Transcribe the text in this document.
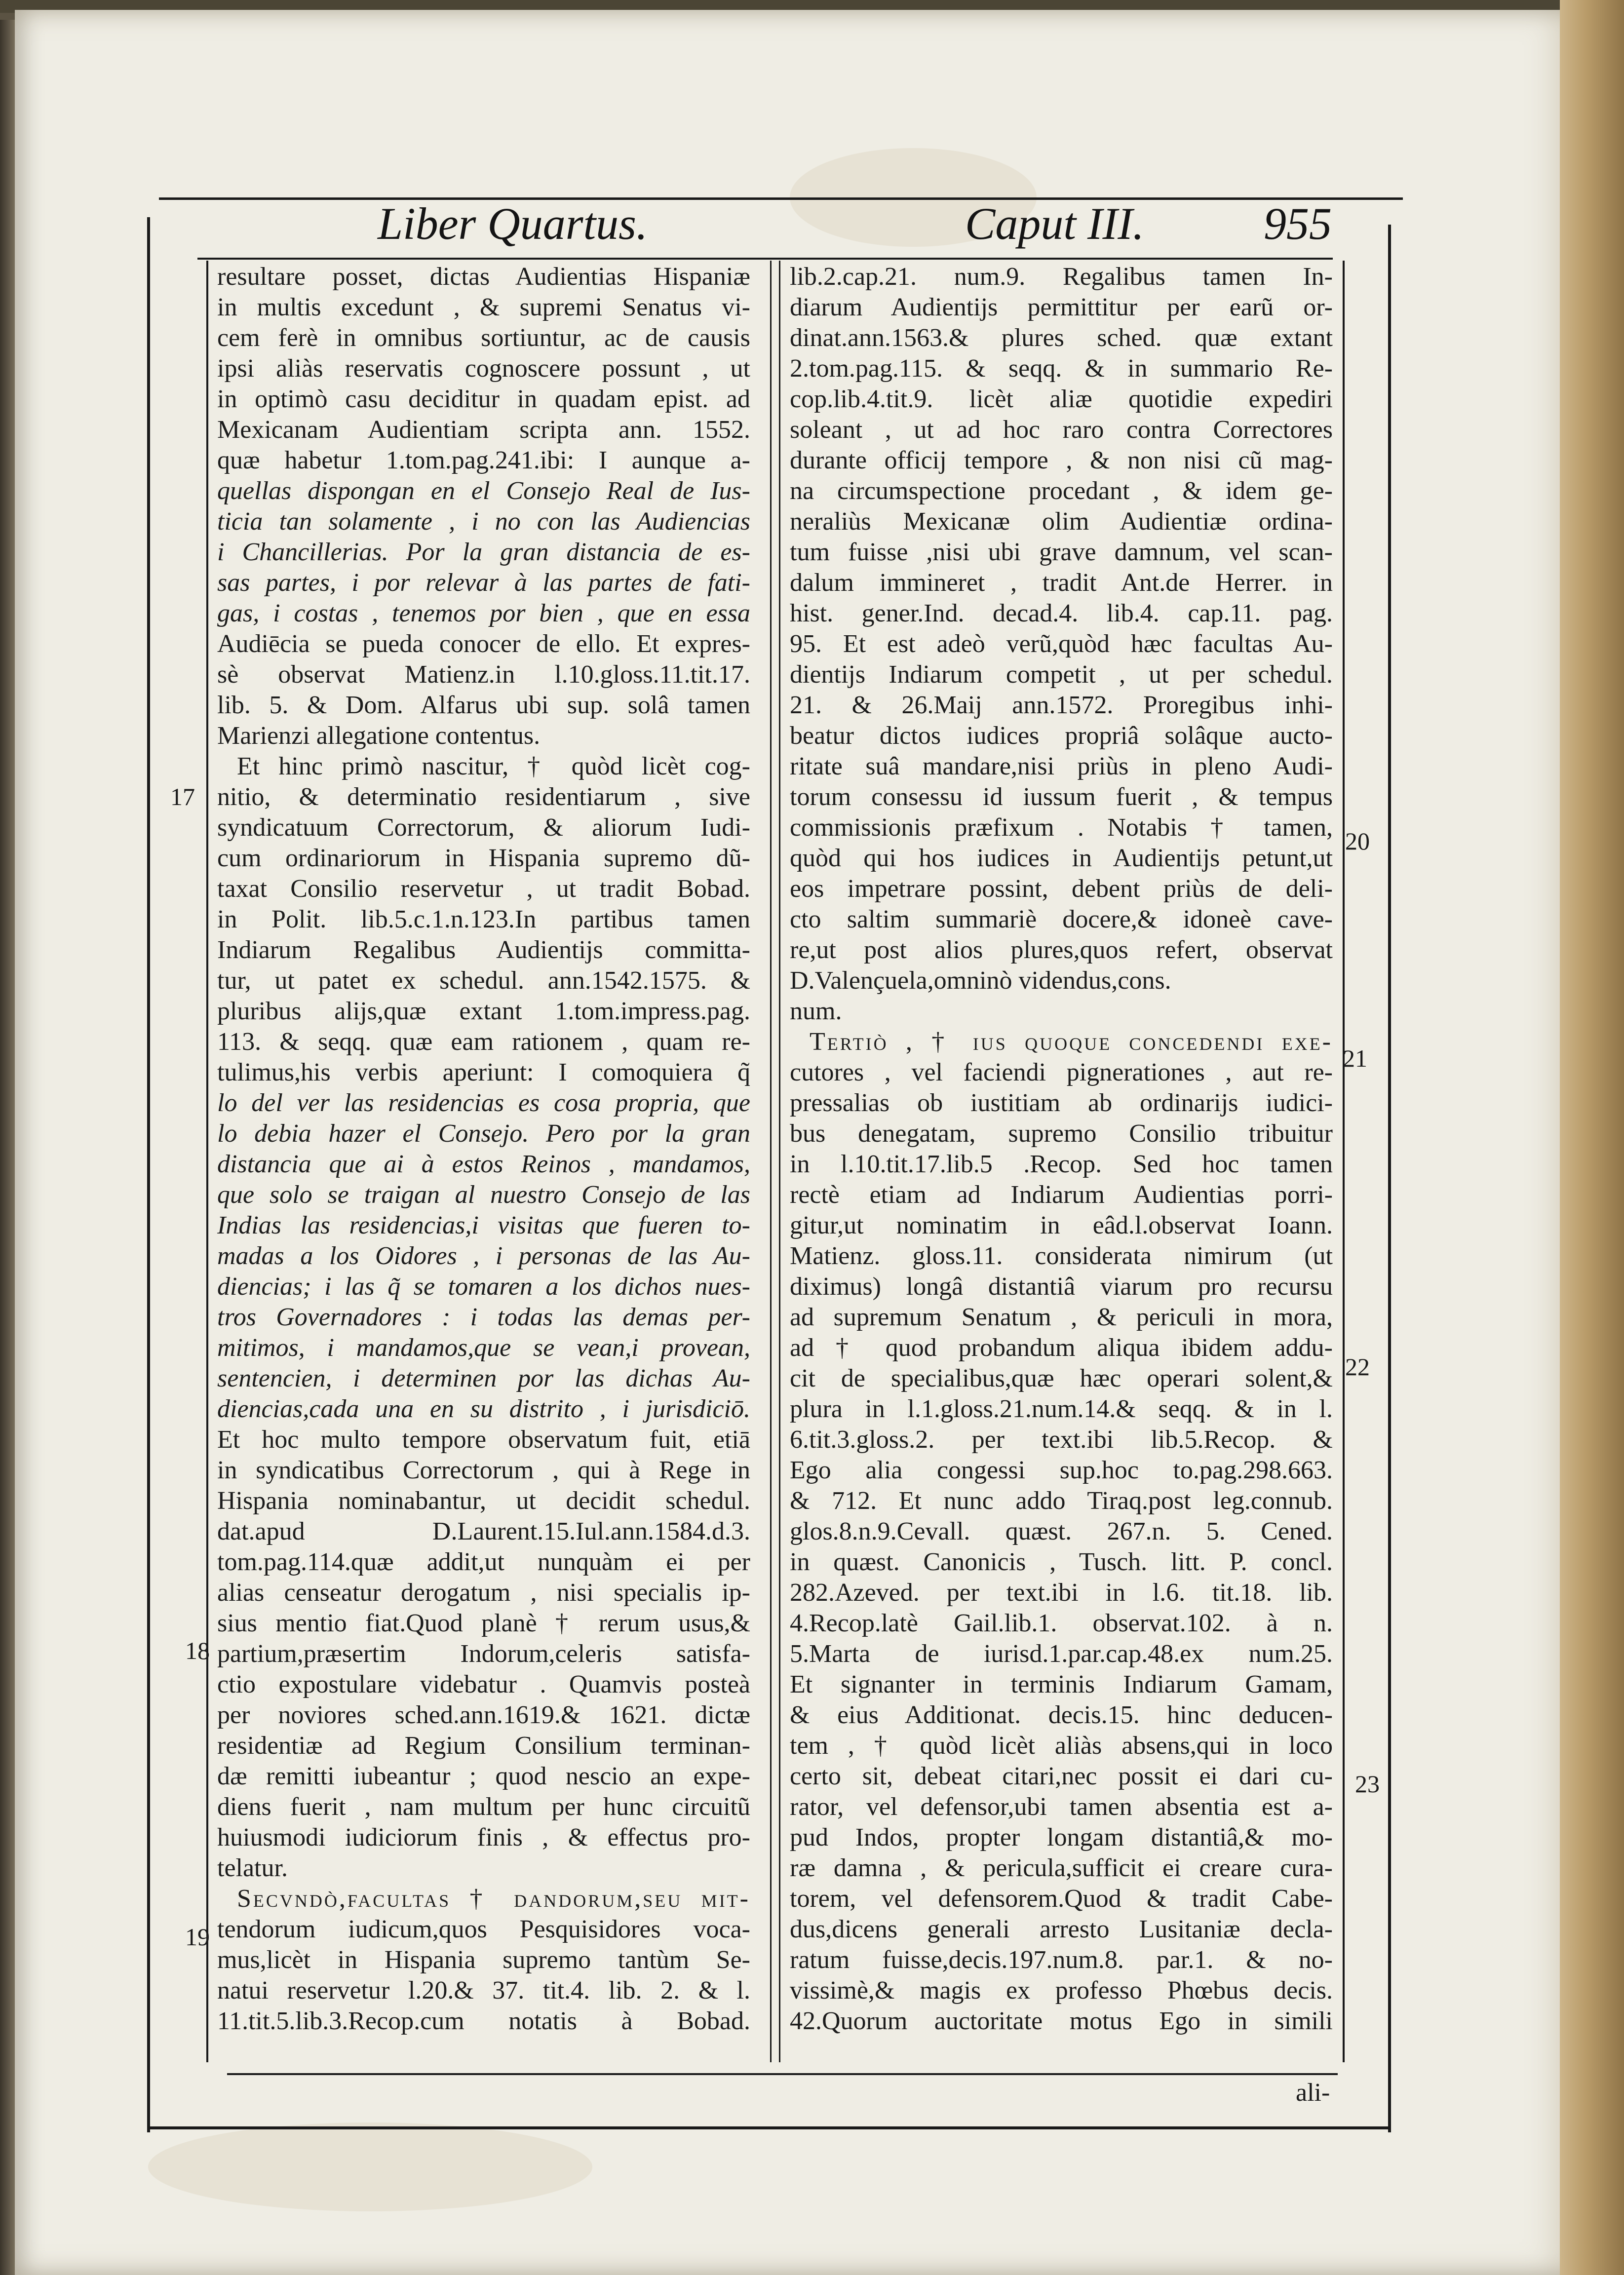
Liber Quartus.	Caput III.	955
resultare posset, dictas Audientias Hispaniæ
in multis excedunt , & supremi Senatus vi-
cem ferè in omnibus sortiuntur, ac de causis
ipsi aliàs reservatis cognoscere possunt , ut
in optimò casu deciditur in quadam epist. ad
Mexicanam Audientiam scripta ann. 1552.
quæ habetur 1.tom.pag.241.ibi: I aunque a-
quellas dispongan en el Consejo Real de Ius-
ticia tan solamente , i no con las Audiencias
i Chancillerias. Por la gran distancia de es-
sas partes, i por relevar à las partes de fati-
gas, i costas , tenemos por bien , que en essa
Audiēcia se pueda conocer de ello. Et expres-
sè observat Matienz.in l.10.gloss.11.tit.17.
lib. 5. & Dom. Alfarus ubi sup. solâ tamen
Marienzi allegatione contentus.
Et hinc primò nascitur, † quòd licèt cog-
nitio, & determinatio residentiarum , sive
syndicatuum Correctorum, & aliorum Iudi-
cum ordinariorum in Hispania supremo dũ-
taxat Consilio reservetur , ut tradit Bobad.
in Polit. lib.5.c.1.n.123.In partibus tamen
Indiarum Regalibus Audientijs committa-
tur, ut patet ex schedul. ann.1542.1575. &
pluribus alijs,quæ extant 1.tom.impress.pag.
113. & seqq. quæ eam rationem , quam re-
tulimus,his verbis aperiunt: I comoquiera q̃
lo del ver las residencias es cosa propria, que
lo debia hazer el Consejo. Pero por la gran
distancia que ai à estos Reinos , mandamos,
que solo se traigan al nuestro Consejo de las
Indias las residencias,i visitas que fueren to-
madas a los Oidores , i personas de las Au-
diencias; i las q̃ se tomaren a los dichos nues-
tros Governadores : i todas las demas per-
mitimos, i mandamos,que se vean,i provean,
sentencien, i determinen por las dichas Au-
diencias,cada una en su distrito , i jurisdiciō.
Et hoc multo tempore observatum fuit, etiā
in syndicatibus Correctorum , qui à Rege in
Hispania nominabantur, ut decidit schedul.
dat.apud D.Laurent.15.Iul.ann.1584.d.3.
tom.pag.114.quæ addit,ut nunquàm ei per
alias censeatur derogatum , nisi specialis ip-
sius mentio fiat.Quod planè † rerum usus,&
partium,præsertim Indorum,celeris satisfa-
ctio expostulare videbatur . Quamvis posteà
per noviores sched.ann.1619.& 1621. dictæ
residentiæ ad Regium Consilium terminan-
dæ remitti iubeantur ; quod nescio an expe-
diens fuerit , nam multum per hunc circuitũ
huiusmodi iudiciorum finis , & effectus pro-
telatur.
Secvndò,facultas † dandorum,seu mit-
tendorum iudicum,quos Pesquisidores voca-
mus,licèt in Hispania supremo tantùm Se-
natui reservetur l.20.& 37. tit.4. lib. 2. & l.
11.tit.5.lib.3.Recop.cum notatis à Bobad.
lib.2.cap.21. num.9. Regalibus tamen In-
diarum Audientijs permittitur per earũ or-
dinat.ann.1563.& plures sched. quæ extant
2.tom.pag.115. & seqq. & in summario Re-
cop.lib.4.tit.9. licèt aliæ quotidie expediri
soleant , ut ad hoc raro contra Correctores
durante officij tempore , & non nisi cũ mag-
na circumspectione procedant , & idem ge-
neraliùs Mexicanæ olim Audientiæ ordina-
tum fuisse ,nisi ubi grave damnum, vel scan-
dalum immineret , tradit Ant.de Herrer. in
hist. gener.Ind. decad.4. lib.4. cap.11. pag.
95. Et est adeò verũ,quòd hæc facultas Au-
dientijs Indiarum competit , ut per schedul.
21. & 26.Maij ann.1572. Proregibus inhi-
beatur dictos iudices propriâ solâque aucto-
ritate suâ mandare,nisi priùs in pleno Audi-
torum consessu id iussum fuerit , & tempus
commissionis præfixum . Notabis † tamen,
quòd qui hos iudices in Audientijs petunt,ut
eos impetrare possint, debent priùs de deli-
cto saltim summariè docere,& idoneè cave-
re,ut post alios plures,quos refert, observat
D.Valençuela,omninò videndus,cons.
num.
Tertiò , † ius quoque concedendi exe-
cutores , vel faciendi pignerationes , aut re-
pressalias ob iustitiam ab ordinarijs iudici-
bus denegatam, supremo Consilio tribuitur
in l.10.tit.17.lib.5 .Recop. Sed hoc tamen
rectè etiam ad Indiarum Audientias porri-
gitur,ut nominatim in eâd.l.observat Ioann.
Matienz. gloss.11. considerata nimirum (ut
diximus) longâ distantiâ viarum pro recursu
ad supremum Senatum , & periculi in mora,
ad † quod probandum aliqua ibidem addu-
cit de specialibus,quæ hæc operari solent,&
plura in l.1.gloss.21.num.14.& seqq. & in l.
6.tit.3.gloss.2. per text.ibi lib.5.Recop. &
Ego alia congessi sup.hoc to.pag.298.663.
& 712. Et nunc addo Tiraq.post leg.connub.
glos.8.n.9.Cevall. quæst. 267.n. 5. Cened.
in quæst. Canonicis , Tusch. litt. P. concl.
282.Azeved. per text.ibi in l.6. tit.18. lib.
4.Recop.latè Gail.lib.1. observat.102. à n.
5.Marta de iurisd.1.par.cap.48.ex num.25.
Et signanter in terminis Indiarum Gamam,
& eius Additionat. decis.15. hinc deducen-
tem , † quòd licèt aliàs absens,qui in loco
certo sit, debeat citari,nec possit ei dari cu-
rator, vel defensor,ubi tamen absentia est a-
pud Indos, propter longam distantiâ,& mo-
ræ damna , & pericula,sufficit ei creare cura-
torem, vel defensorem.Quod & tradit Cabe-
dus,dicens generali arresto Lusitaniæ decla-
ratum fuisse,decis.197.num.8. par.1. & no-
vissimè,& magis ex professo Phœbus decis.
42.Quorum auctoritate motus Ego in simili
17
18
19
20
21
22
23
ali-
